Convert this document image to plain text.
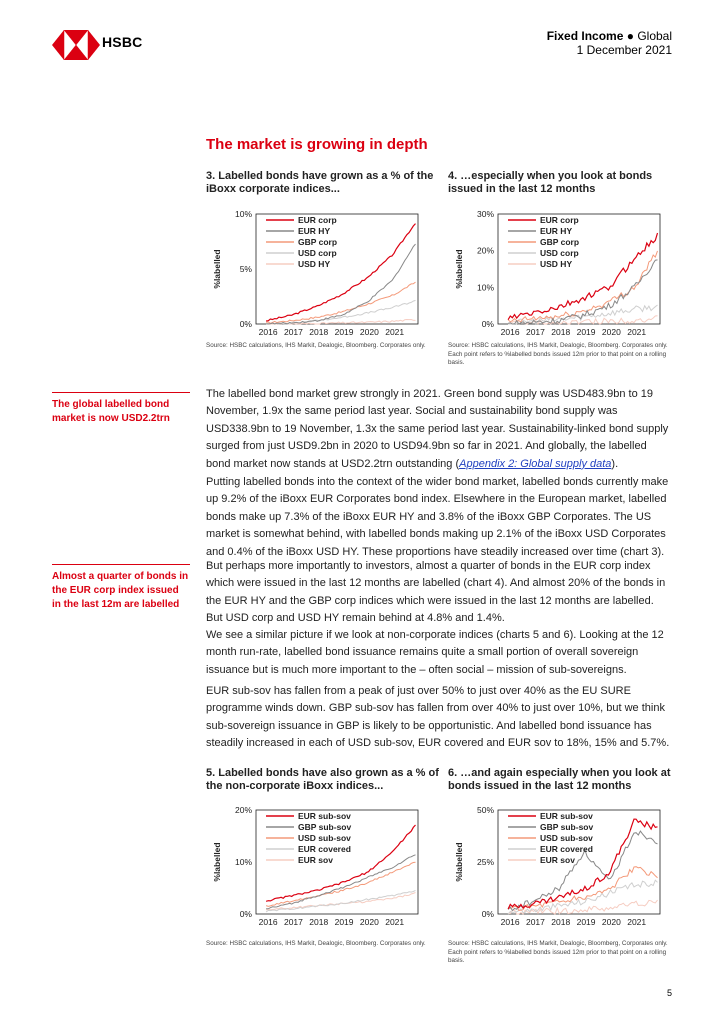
HSBC	Fixed Income ● Global
1 December 2021
The market is growing in depth
3. Labelled bonds have grown as a % of the iBoxx corporate indices...
4. …especially when you look at bonds issued in the last 12 months
0%
5%
10%
%labelled
2016 2017 2018 2019 2020 2021
EUR corp
EUR HY
GBP corp
USD corp
USD HY
0%
10%
20%
30%
%labelled
2016 2017 2018 2019 2020 2021
EUR corp
EUR HY
GBP corp
USD corp
USD HY
Source: HSBC calculations, IHS Markit, Dealogic, Bloomberg. Corporates only.	Source: HSBC calculations, IHS Markit, Dealogic, Bloomberg. Corporates only. Each point refers to %labelled bonds issued 12m prior to that point on a rolling basis.
The global labelled bond market is now USD2.2trn
Almost a quarter of bonds in the EUR corp index issued in the last 12m are labelled
The labelled bond market grew strongly in 2021. Green bond supply was USD483.9bn to 19 November, 1.9x the same period last year. Social and sustainability bond supply was USD338.9bn to 19 November, 1.3x the same period last year. Sustainability-linked bond supply surged from just USD9.2bn in 2020 to USD94.9bn so far in 2021. And globally, the labelled bond market now stands at USD2.2trn outstanding (Appendix 2: Global supply data).
Putting labelled bonds into the context of the wider bond market, labelled bonds currently make up 9.2% of the iBoxx EUR Corporates bond index. Elsewhere in the European market, labelled bonds make up 7.3% of the iBoxx EUR HY and 3.8% of the iBoxx GBP Corporates. The US market is somewhat behind, with labelled bonds making up 2.1% of the iBoxx USD Corporates and 0.4% of the iBoxx USD HY. These proportions have steadily increased over time (chart 3).
But perhaps more importantly to investors, almost a quarter of bonds in the EUR corp index which were issued in the last 12 months are labelled (chart 4). And almost 20% of the bonds in the EUR HY and the GBP corp indices which were issued in the last 12 months are labelled. But USD corp and USD HY remain behind at 4.8% and 1.4%.
We see a similar picture if we look at non-corporate indices (charts 5 and 6). Looking at the 12 month run-rate, labelled bond issuance remains quite a small portion of overall sovereign issuance but is much more important to the – often social – mission of sub-sovereigns.
EUR sub-sov has fallen from a peak of just over 50% to just over 40% as the EU SURE programme winds down. GBP sub-sov has fallen from over 40% to just over 10%, but we think sub-sovereign issuance in GBP is likely to be opportunistic. And labelled bond issuance has steadily increased in each of USD sub-sov, EUR covered and EUR sov to 18%, 15% and 5.7%.
5. Labelled bonds have also grown as a % of the non-corporate iBoxx indices...
6. …and again especially when you look at bonds issued in the last 12 months
0%
10%
20%
%labelled
2016 2017 2018 2019 2020 2021
EUR sub-sov
GBP sub-sov
USD sub-sov
EUR covered
EUR sov
0%
25%
50%
%labelled
2016 2017 2018 2019 2020 2021
EUR sub-sov
GBP sub-sov
USD sub-sov
EUR covered
EUR sov
Source: HSBC calculations, IHS Markit, Dealogic, Bloomberg. Corporates only.	Source: HSBC calculations, IHS Markit, Dealogic, Bloomberg, Corporates only. Each point refers to %labelled bonds issued 12m prior to that point on a rolling basis.
5
